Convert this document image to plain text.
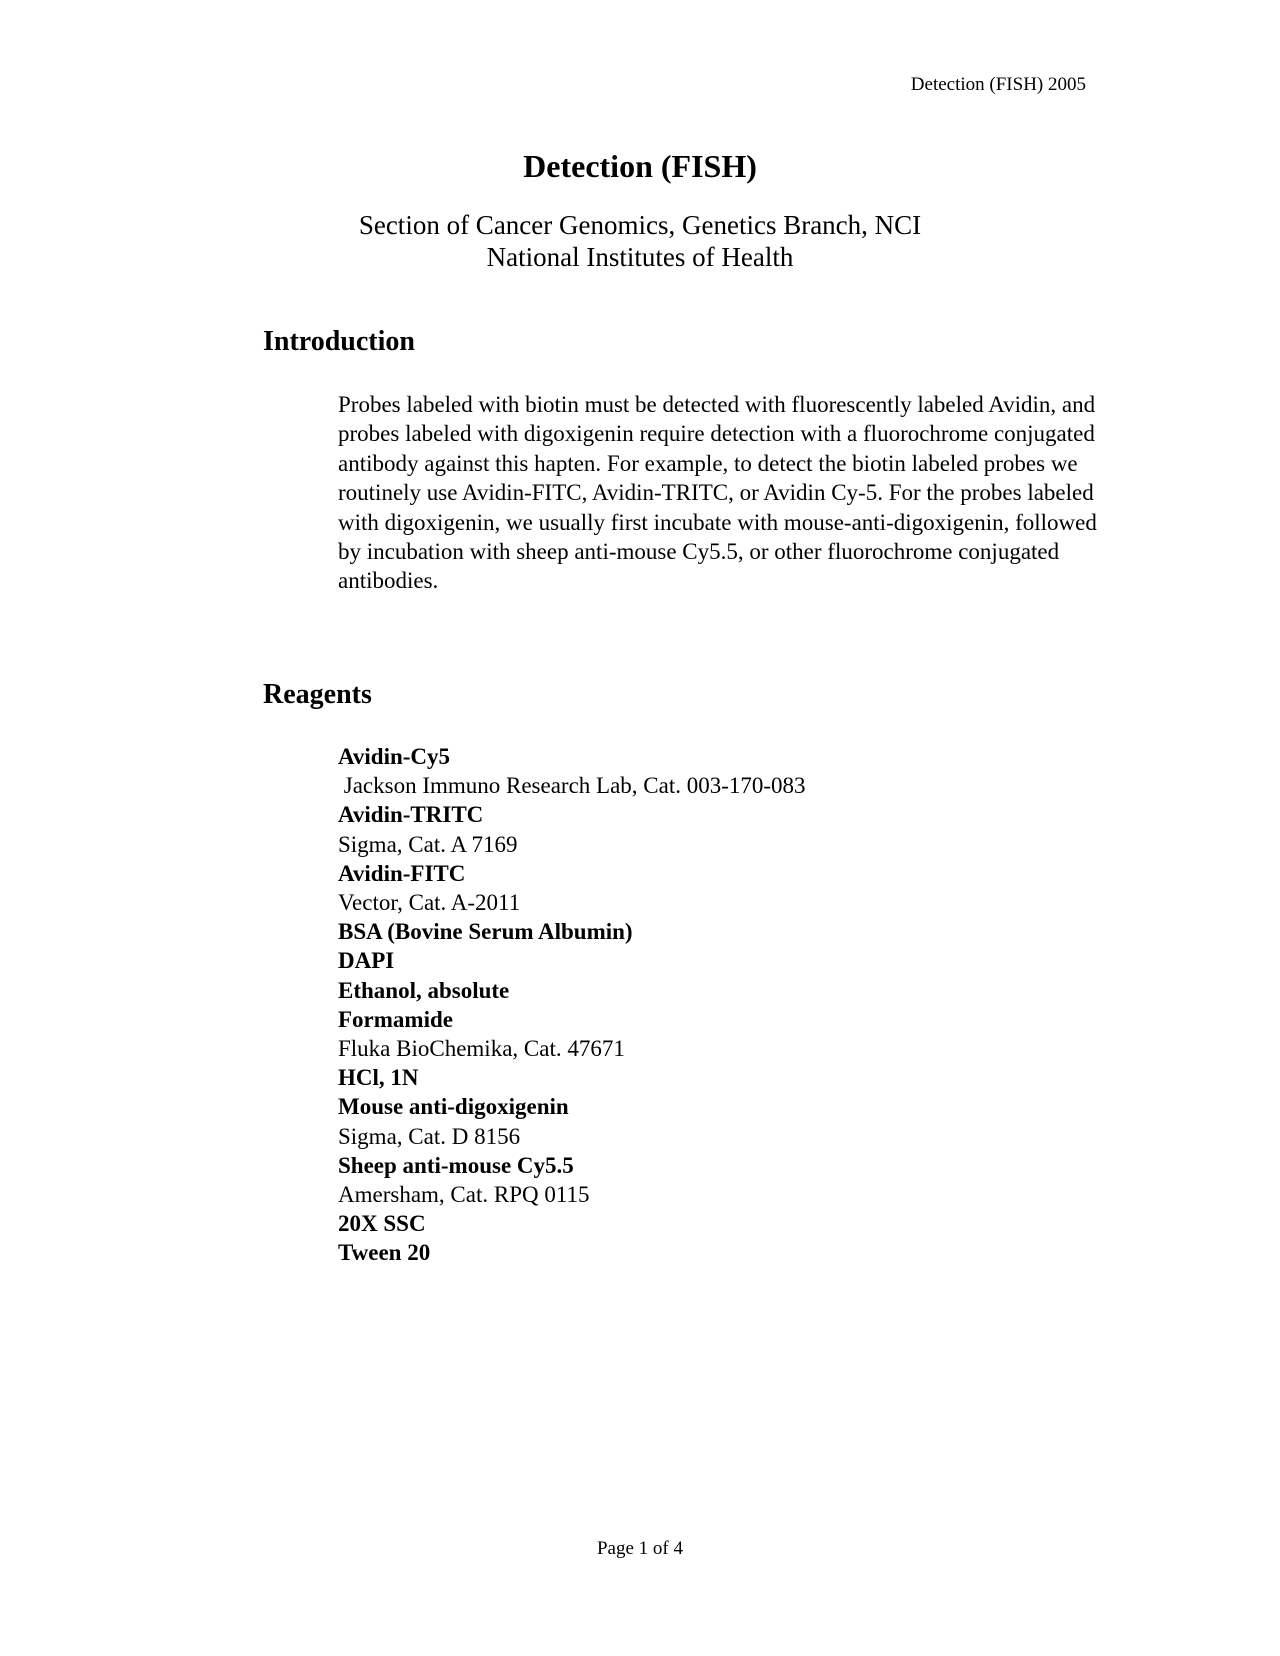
Detection (FISH) 2005
Detection (FISH)
Section of Cancer Genomics, Genetics Branch, NCI
National Institutes of Health
Introduction

Probes labeled with biotin must be detected with fluorescently labeled Avidin, and probes labeled with digoxigenin require detection with a fluorochrome conjugated antibody against this hapten. For example, to detect the biotin labeled probes we routinely use Avidin-FITC, Avidin-TRITC, or Avidin Cy-5. For the probes labeled with digoxigenin, we usually first incubate with mouse-anti-digoxigenin, followed by incubation with sheep anti-mouse Cy5.5, or other fluorochrome conjugated antibodies.

Reagents
Avidin-Cy5
Jackson Immuno Research Lab, Cat. 003-170-083
Avidin-TRITC
Sigma, Cat. A 7169
Avidin-FITC
Vector, Cat. A-2011
BSA (Bovine Serum Albumin)
DAPI
Ethanol, absolute
Formamide
Fluka BioChemika, Cat. 47671
HCl, 1N
Mouse anti-digoxigenin
Sigma, Cat. D 8156
Sheep anti-mouse Cy5.5
Amersham, Cat. RPQ 0115
20X SSC
Tween 20
Page 1 of 4
